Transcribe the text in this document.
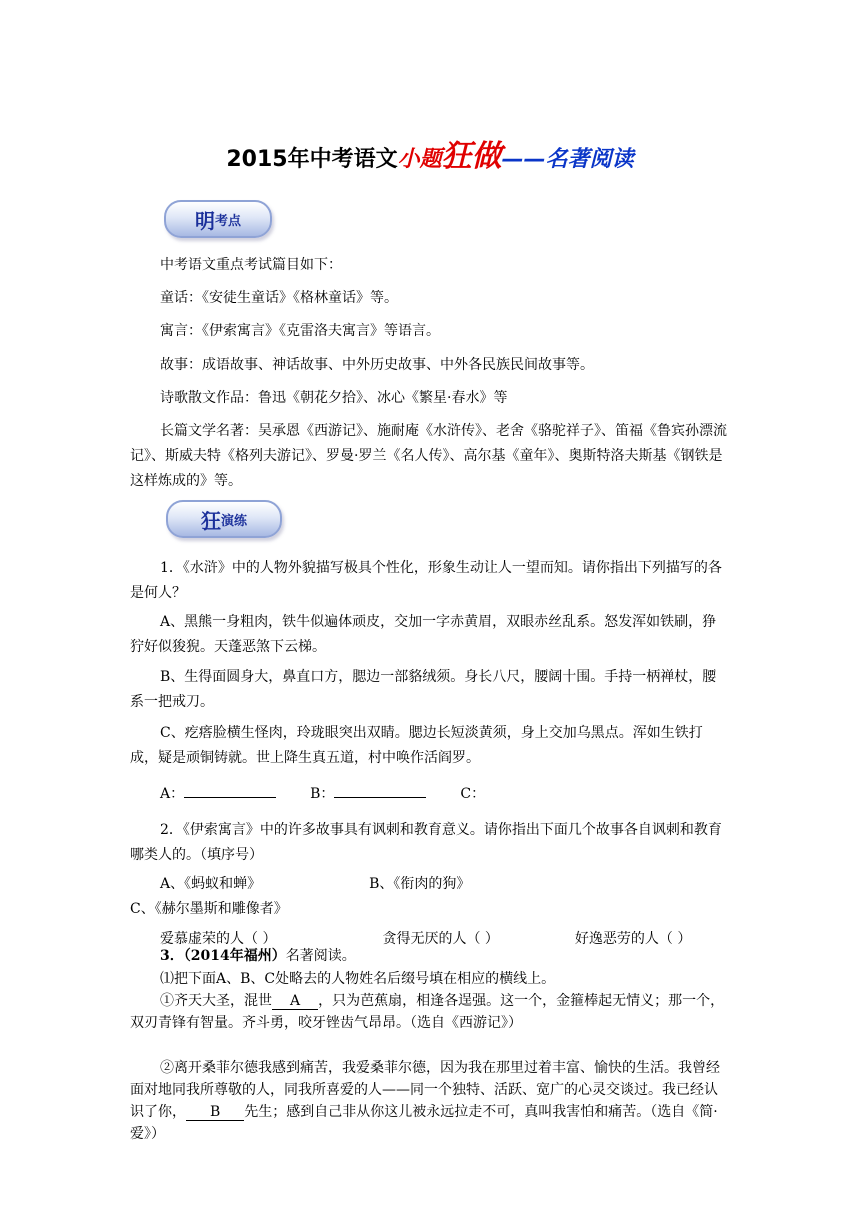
2015年中考语文小题狂做——名著阅读
明 考点
中考语文重点考试篇目如下：
童话：《安徒生童话》《格林童话》等。
寓言：《伊索寓言》《克雷洛夫寓言》等语言。
故事：成语故事、神话故事、中外历史故事、中外各民族民间故事等。
诗歌散文作品：鲁迅《朝花夕拾》、冰心《繁星·春水》等
长篇文学名著：吴承恩《西游记》、施耐庵《水浒传》、老舍《骆驼祥子》、笛福《鲁宾孙漂流记》、斯威夫特《格列夫游记》、罗曼·罗兰《名人传》、高尔基《童年》、奥斯特洛夫斯基《钢铁是这样炼成的》等。
狂 演练
1．《水浒》中的人物外貌描写极具个性化，形象生动让人一望而知。请你指出下列描写的各是何人？
A、黑熊一身粗肉，铁牛似遍体顽皮，交加一字赤黄眉，双眼赤丝乱系。怒发浑如铁刷，狰狞好似狻猊。天蓬恶煞下云梯。
B、生得面圆身大，鼻直口方，腮边一部貉绒须。身长八尺，腰阔十围。手持一柄禅杖，腰系一把戒刀。
C、疙瘩脸横生怪肉，玲珑眼突出双睛。腮边长短淡黄须，身上交加乌黑点。浑如生铁打成，疑是顽铜铸就。世上降生真五道，村中唤作活阎罗。
A：	B：	C：
2．《伊索寓言》中的许多故事具有讽刺和教育意义。请你指出下面几个故事各自讽刺和教育哪类人的。（填序号）
A、《蚂蚁和蝉》	B、《衔肉的狗》C、《赫尔墨斯和雕像者》
爱慕虚荣的人（ ）	贪得无厌的人（ ）	好逸恶劳的人（ ）
3．（2014年福州）名著阅读。
⑴把下面A、B、C处略去的人物姓名后缀号填在相应的横线上。
①齐天大圣，混世 A ，只为芭蕉扇，相逢各逞强。这一个，金箍棒起无情义；那一个，双刃青锋有智量。齐斗勇，咬牙锉齿气昂昂。（选自《西游记》）
②离开桑菲尔德我感到痛苦，我爱桑菲尔德，因为我在那里过着丰富、愉快的生活。我曾经面对地同我所尊敬的人，同我所喜爱的人——同一个独特、活跃、宽广的心灵交谈过。我已经认识了你， B 先生；感到自己非从你这儿被永远拉走不可，真叫我害怕和痛苦。（选自《简·爱》）
